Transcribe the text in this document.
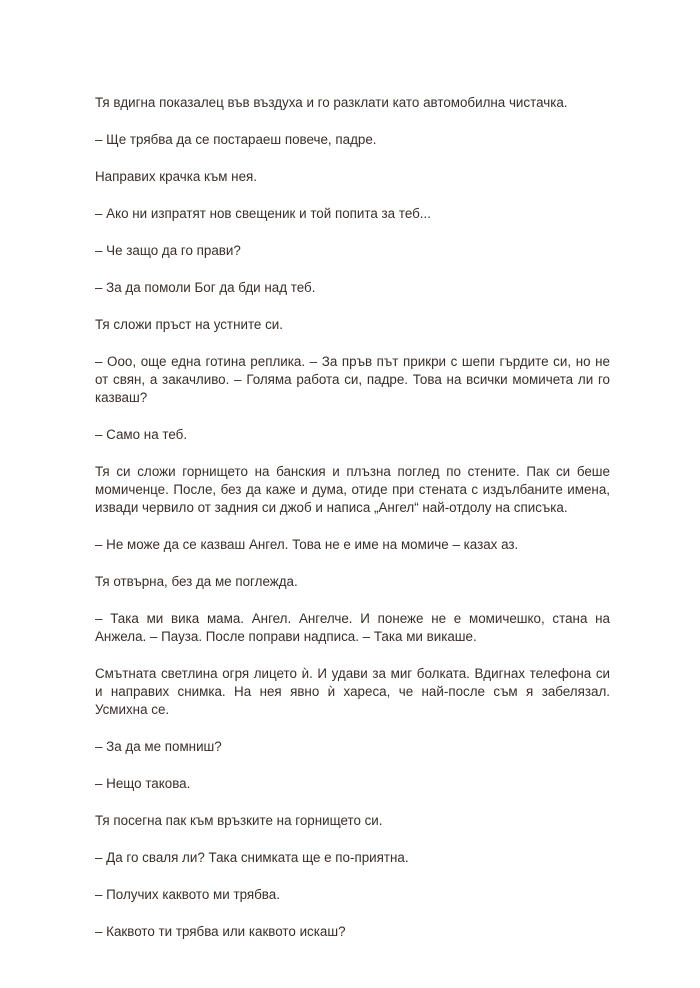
Тя вдигна показалец във въздуха и го разклати като автомобилна чистачка.

– Ще трябва да се постараеш повече, падре.

Направих крачка към нея.

– Ако ни изпратят нов свещеник и той попита за теб...

– Че защо да го прави?

– За да помоли Бог да бди над теб.

Тя сложи пръст на устните си.

– Ооо, още една готина реплика. – За пръв път прикри с шепи гърдите си, но не от свян, а закачливо. – Голяма работа си, падре. Това на всички момичета ли го казваш?

– Само на теб.

Тя си сложи горнището на банския и плъзна поглед по стените. Пак си беше момиченце. После, без да каже и дума, отиде при стената с издълбаните имена, извади червило от задния си джоб и написа „Ангел“ най-отдолу на списъка.

– Не може да се казваш Ангел. Това не е име на момиче – казах аз.

Тя отвърна, без да ме поглежда.

– Така ми вика мама. Ангел. Ангелче. И понеже не е момичешко, стана на Анжела. – Пауза. После поправи надписа. – Така ми викаше.

Смътната светлина огря лицето ѝ. И удави за миг болката. Вдигнах телефона си и направих снимка. На нея явно ѝ хареса, че най-после съм я забелязал. Усмихна се.

– За да ме помниш?

– Нещо такова.

Тя посегна пак към връзките на горнището си.

– Да го сваля ли? Така снимката ще е по-приятна.

– Получих каквото ми трябва.

– Каквото ти трябва или каквото искаш?
